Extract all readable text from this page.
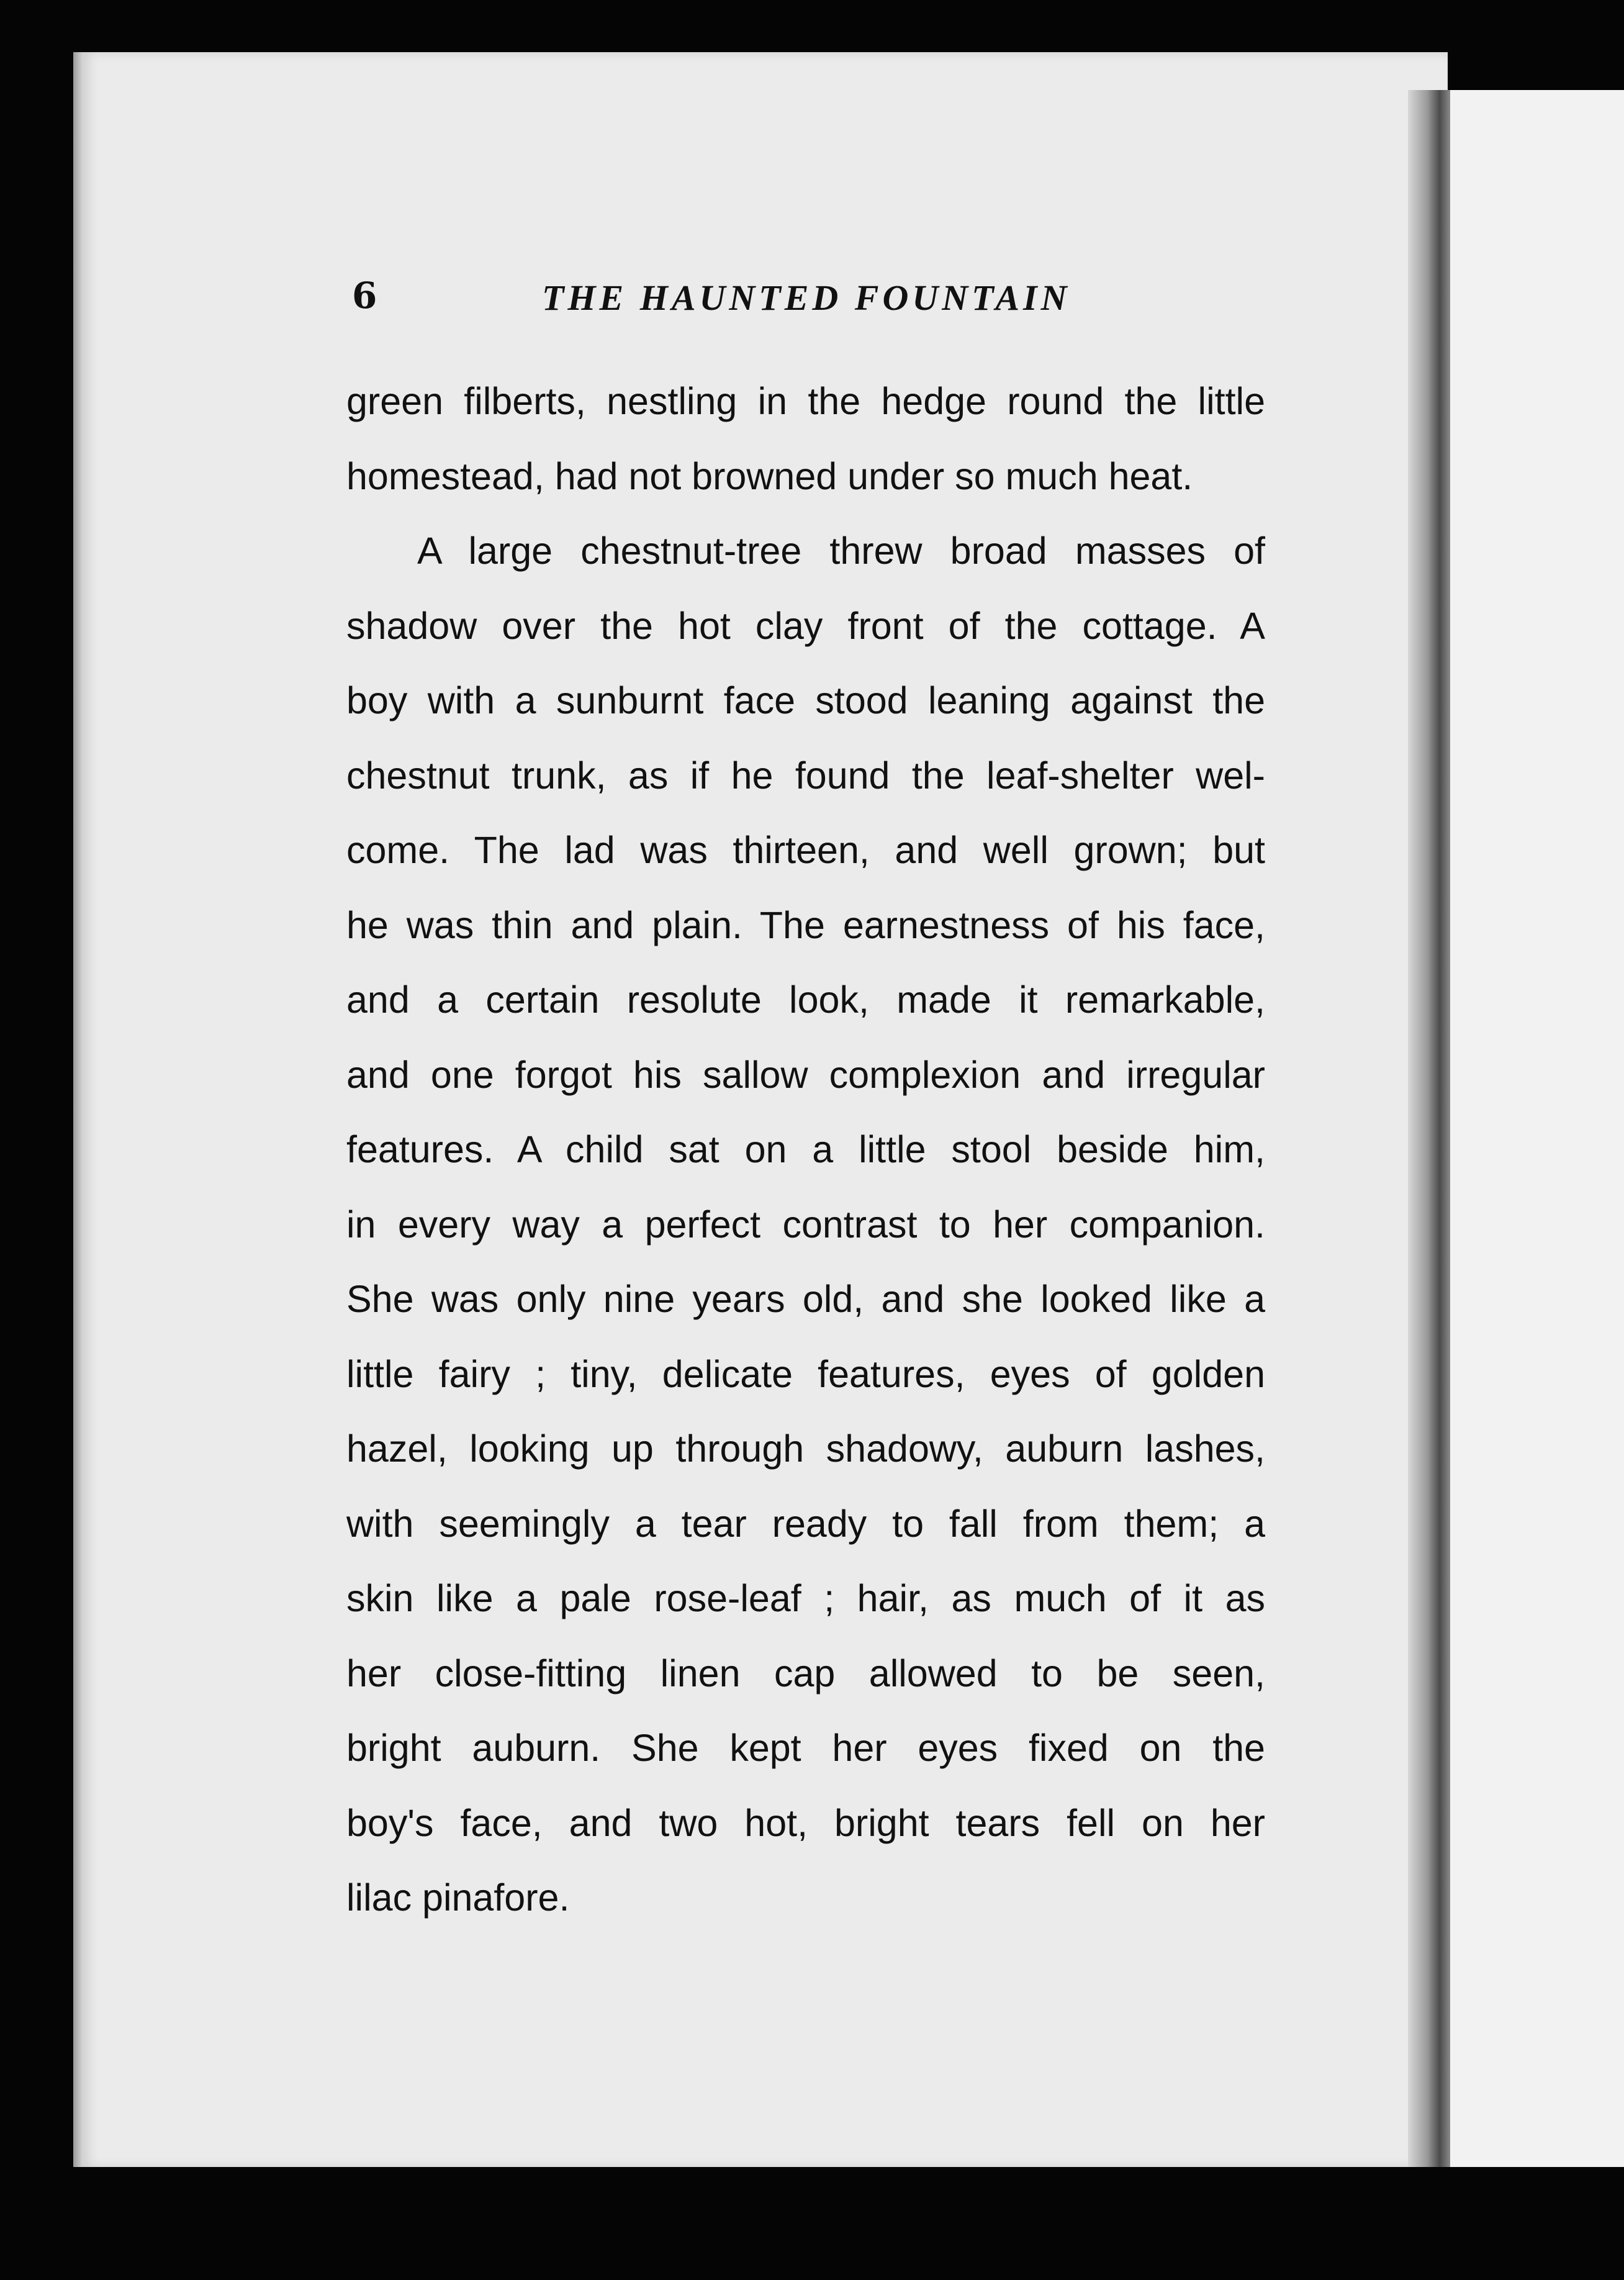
6	THE HAUNTED FOUNTAIN
green filberts, nestling in the hedge round the little
homestead, had not browned under so much heat.
A large chestnut-tree threw broad masses of
shadow over the hot clay front of the cottage. A
boy with a sunburnt face stood leaning against the
chestnut trunk, as if he found the leaf-shelter wel-
come. The lad was thirteen, and well grown; but
he was thin and plain. The earnestness of his face,
and a certain resolute look, made it remarkable,
and one forgot his sallow complexion and irregular
features. A child sat on a little stool beside him,
in every way a perfect contrast to her companion.
She was only nine years old, and she looked like a
little fairy ; tiny, delicate features, eyes of golden
hazel, looking up through shadowy, auburn lashes,
with seemingly a tear ready to fall from them; a
skin like a pale rose-leaf ; hair, as much of it as
her close-fitting linen cap allowed to be seen,
bright auburn. She kept her eyes fixed on the
boy's face, and two hot, bright tears fell on her
lilac pinafore.
